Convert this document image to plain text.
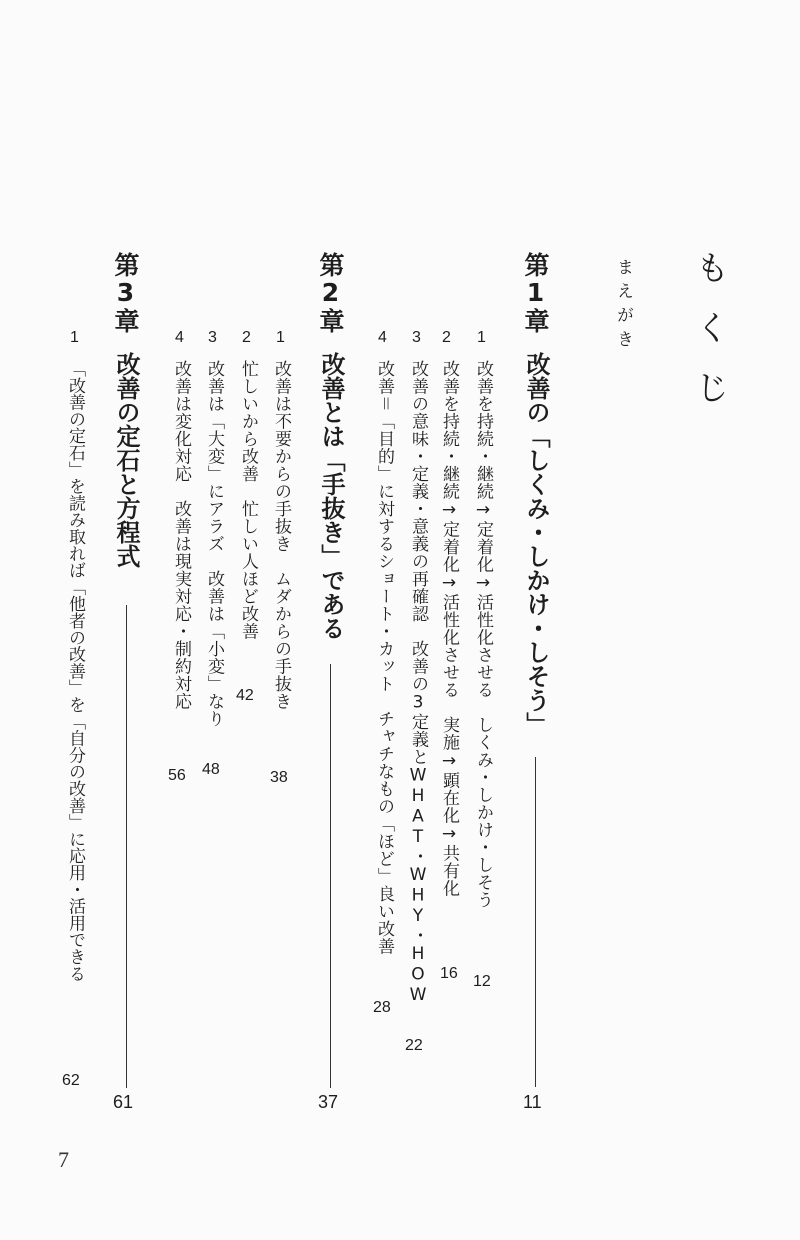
もくじ
まえがき
第1章
改善の「しくみ・しかけ・しそう」
11
1
改善を持続・継続→定着化→活性化させる　しくみ・しかけ・しそう
12
2
改善を持続・継続→定着化→活性化させる　実施→顕在化→共有化
16
3
改善の意味・定義・意義の再確認　改善の3定義とWHAT・WHY・HOW
22
4
改善＝「目的」に対するショート・カット　チャチなもの「ほど」良い改善
28
第2章
改善とは「手抜き」である
37
1
改善は不要からの手抜き　ムダからの手抜き
38
2
忙しいから改善　忙しい人ほど改善
42
3
改善は「大変」にアラズ　改善は「小変」なり
48
4
改善は変化対応　改善は現実対応・制約対応
56
第3章
改善の定石と方程式
61
1
「改善の定石」を読み取れば「他者の改善」を「自分の改善」に応用・活用できる
62
7
